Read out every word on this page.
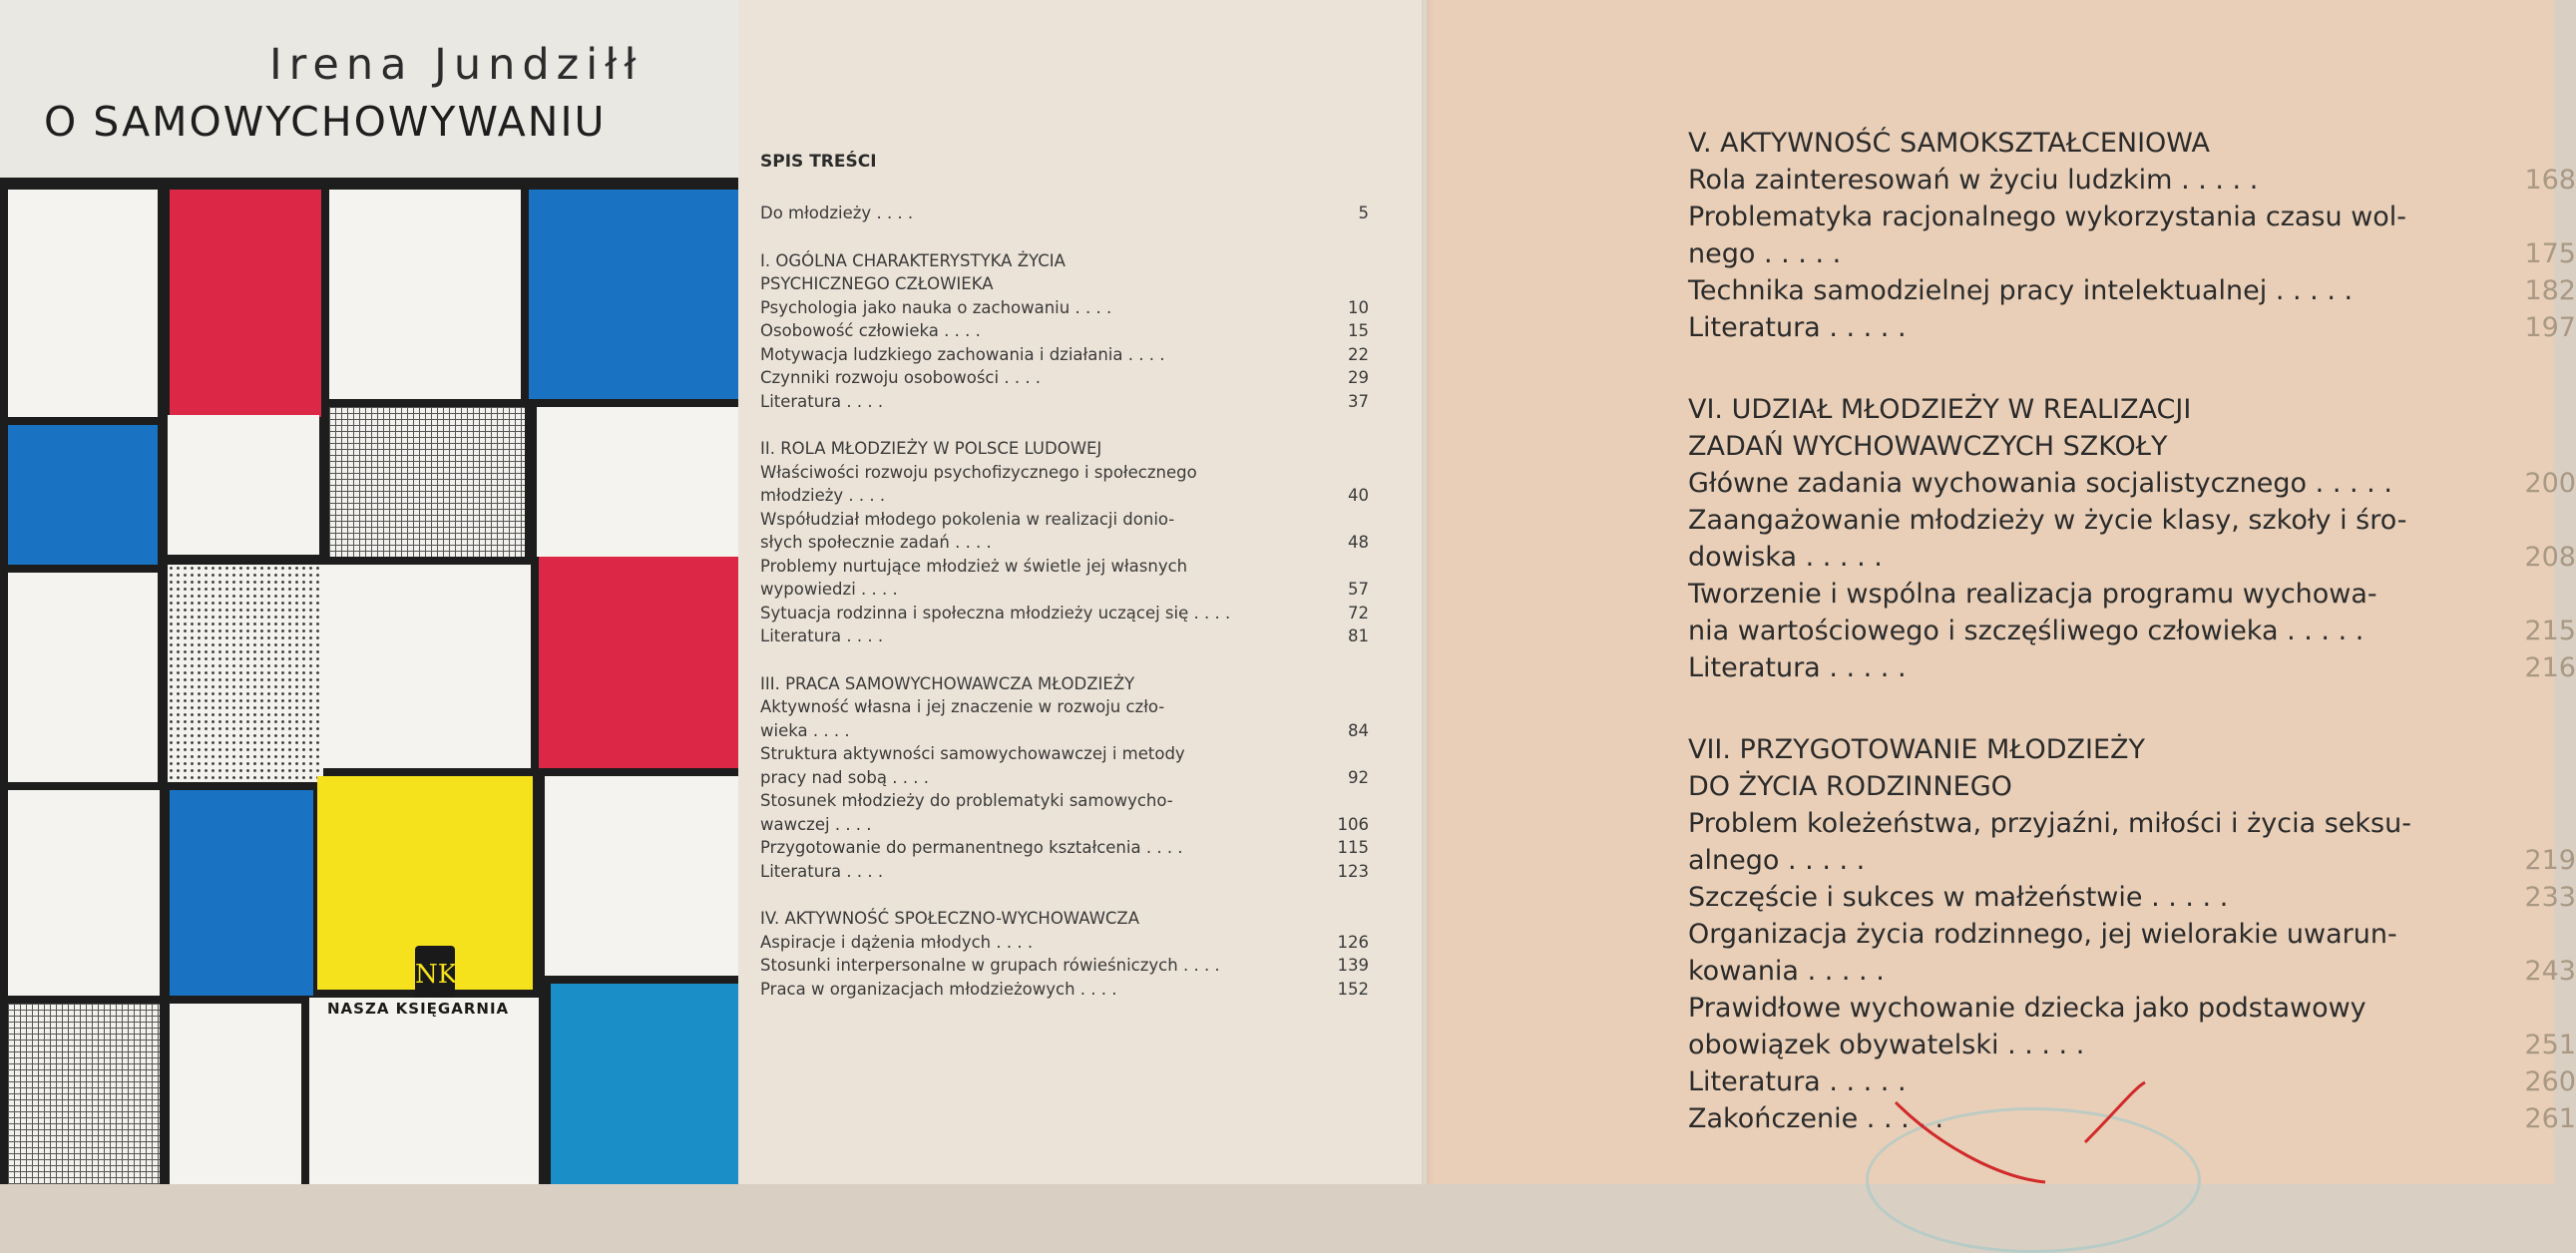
Irena Jundziłł
O SAMOWYCHOWYWANIU
NK
NASZA KSIĘGARNIA
SPIS TREŚCI
Do młodzieży . . . .	5
I. OGÓLNA CHARAKTERYSTYKA ŻYCIA
PSYCHICZNEGO CZŁOWIEKA
Psychologia jako nauka o zachowaniu . . . .	10
Osobowość człowieka . . . .	15
Motywacja ludzkiego zachowania i działania . . . .	22
Czynniki rozwoju osobowości . . . .	29
Literatura . . . .	37
II. ROLA MŁODZIEŻY W POLSCE LUDOWEJ
Właściwości rozwoju psychofizycznego i społecznego
młodzieży . . . .	40
Współudział młodego pokolenia w realizacji donio-
słych społecznie zadań . . . .	48
Problemy nurtujące młodzież w świetle jej własnych
wypowiedzi . . . .	57
Sytuacja rodzinna i społeczna młodzieży uczącej się . . . .	72
Literatura . . . .	81
III. PRACA SAMOWYCHOWAWCZA MŁODZIEŻY
Aktywność własna i jej znaczenie w rozwoju czło-
wieka . . . .	84
Struktura aktywności samowychowawczej i metody
pracy nad sobą . . . .	92
Stosunek młodzieży do problematyki samowycho-
wawczej . . . .	106
Przygotowanie do permanentnego kształcenia . . . .	115
Literatura . . . .	123
IV. AKTYWNOŚĆ SPOŁECZNO-WYCHOWAWCZA
Aspiracje i dążenia młodych . . . .	126
Stosunki interpersonalne w grupach rówieśniczych . . . .	139
Praca w organizacjach młodzieżowych . . . .	152
V. AKTYWNOŚĆ SAMOKSZTAŁCENIOWA
Rola zainteresowań w życiu ludzkim . . . . .	168
Problematyka racjonalnego wykorzystania czasu wol-
nego . . . . .	175
Technika samodzielnej pracy intelektualnej . . . . .	182
Literatura . . . . .	197
VI. UDZIAŁ MŁODZIEŻY W REALIZACJI
ZADAŃ WYCHOWAWCZYCH SZKOŁY
Główne zadania wychowania socjalistycznego . . . . .	200
Zaangażowanie młodzieży w życie klasy, szkoły i śro-
dowiska . . . . .	208
Tworzenie i wspólna realizacja programu wychowa-
nia wartościowego i szczęśliwego człowieka . . . . .	215
Literatura . . . . .	216
VII. PRZYGOTOWANIE MŁODZIEŻY
DO ŻYCIA RODZINNEGO
Problem koleżeństwa, przyjaźni, miłości i życia seksu-
alnego . . . . .	219
Szczęście i sukces w małżeństwie . . . . .	233
Organizacja życia rodzinnego, jej wielorakie uwarun-
kowania . . . . .	243
Prawidłowe wychowanie dziecka jako podstawowy
obowiązek obywatelski . . . . .	251
Literatura . . . . .	260
Zakończenie . . . . .	261
